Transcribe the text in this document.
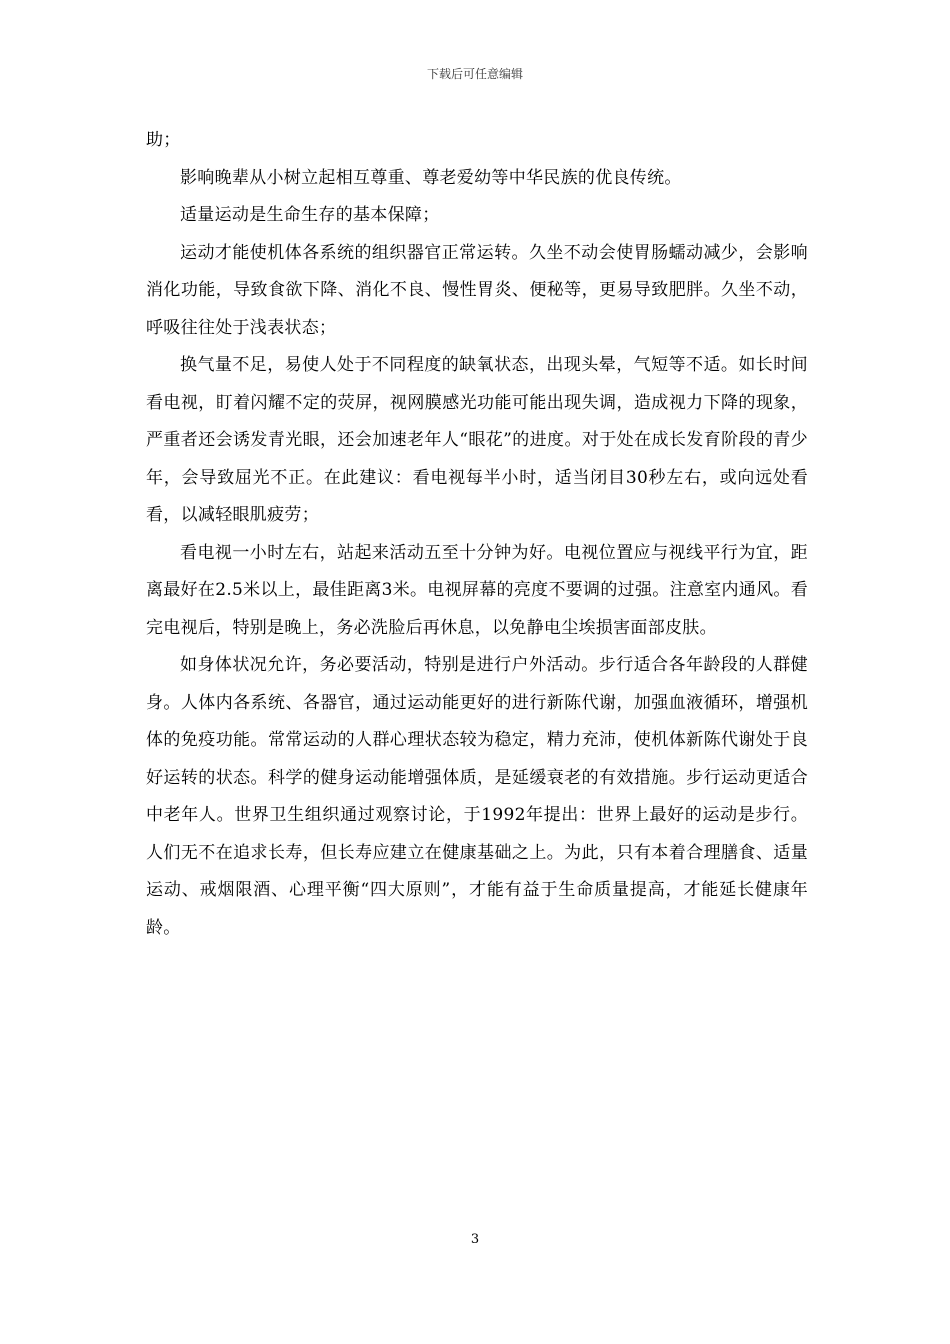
下载后可任意编辑

助；

影响晚辈从小树立起相互尊重、尊老爱幼等中华民族的优良传统。

适量运动是生命生存的基本保障；

运动才能使机体各系统的组织器官正常运转。久坐不动会使胃肠蠕动减少，会影响消化功能，导致食欲下降、消化不良、慢性胃炎、便秘等，更易导致肥胖。久坐不动，呼吸往往处于浅表状态；

换气量不足，易使人处于不同程度的缺氧状态，出现头晕，气短等不适。如长时间看电视，盯着闪耀不定的荧屏，视网膜感光功能可能出现失调，造成视力下降的现象，严重者还会诱发青光眼，还会加速老年人“眼花”的进度。对于处在成长发育阶段的青少年，会导致屈光不正。在此建议：看电视每半小时，适当闭目30秒左右，或向远处看看，以减轻眼肌疲劳；

看电视一小时左右，站起来活动五至十分钟为好。电视位置应与视线平行为宜，距离最好在2.5米以上，最佳距离3米。电视屏幕的亮度不要调的过强。注意室内通风。看完电视后，特别是晚上，务必洗脸后再休息，以免静电尘埃损害面部皮肤。

如身体状况允许，务必要活动，特别是进行户外活动。步行适合各年龄段的人群健身。人体内各系统、各器官，通过运动能更好的进行新陈代谢，加强血液循环，增强机体的免疫功能。常常运动的人群心理状态较为稳定，精力充沛，使机体新陈代谢处于良好运转的状态。科学的健身运动能增强体质，是延缓衰老的有效措施。步行运动更适合中老年人。世界卫生组织通过观察讨论，于1992年提出：世界上最好的运动是步行。人们无不在追求长寿，但长寿应建立在健康基础之上。为此，只有本着合理膳食、适量运动、戒烟限酒、心理平衡“四大原则”，才能有益于生命质量提高，才能延长健康年龄。

3
